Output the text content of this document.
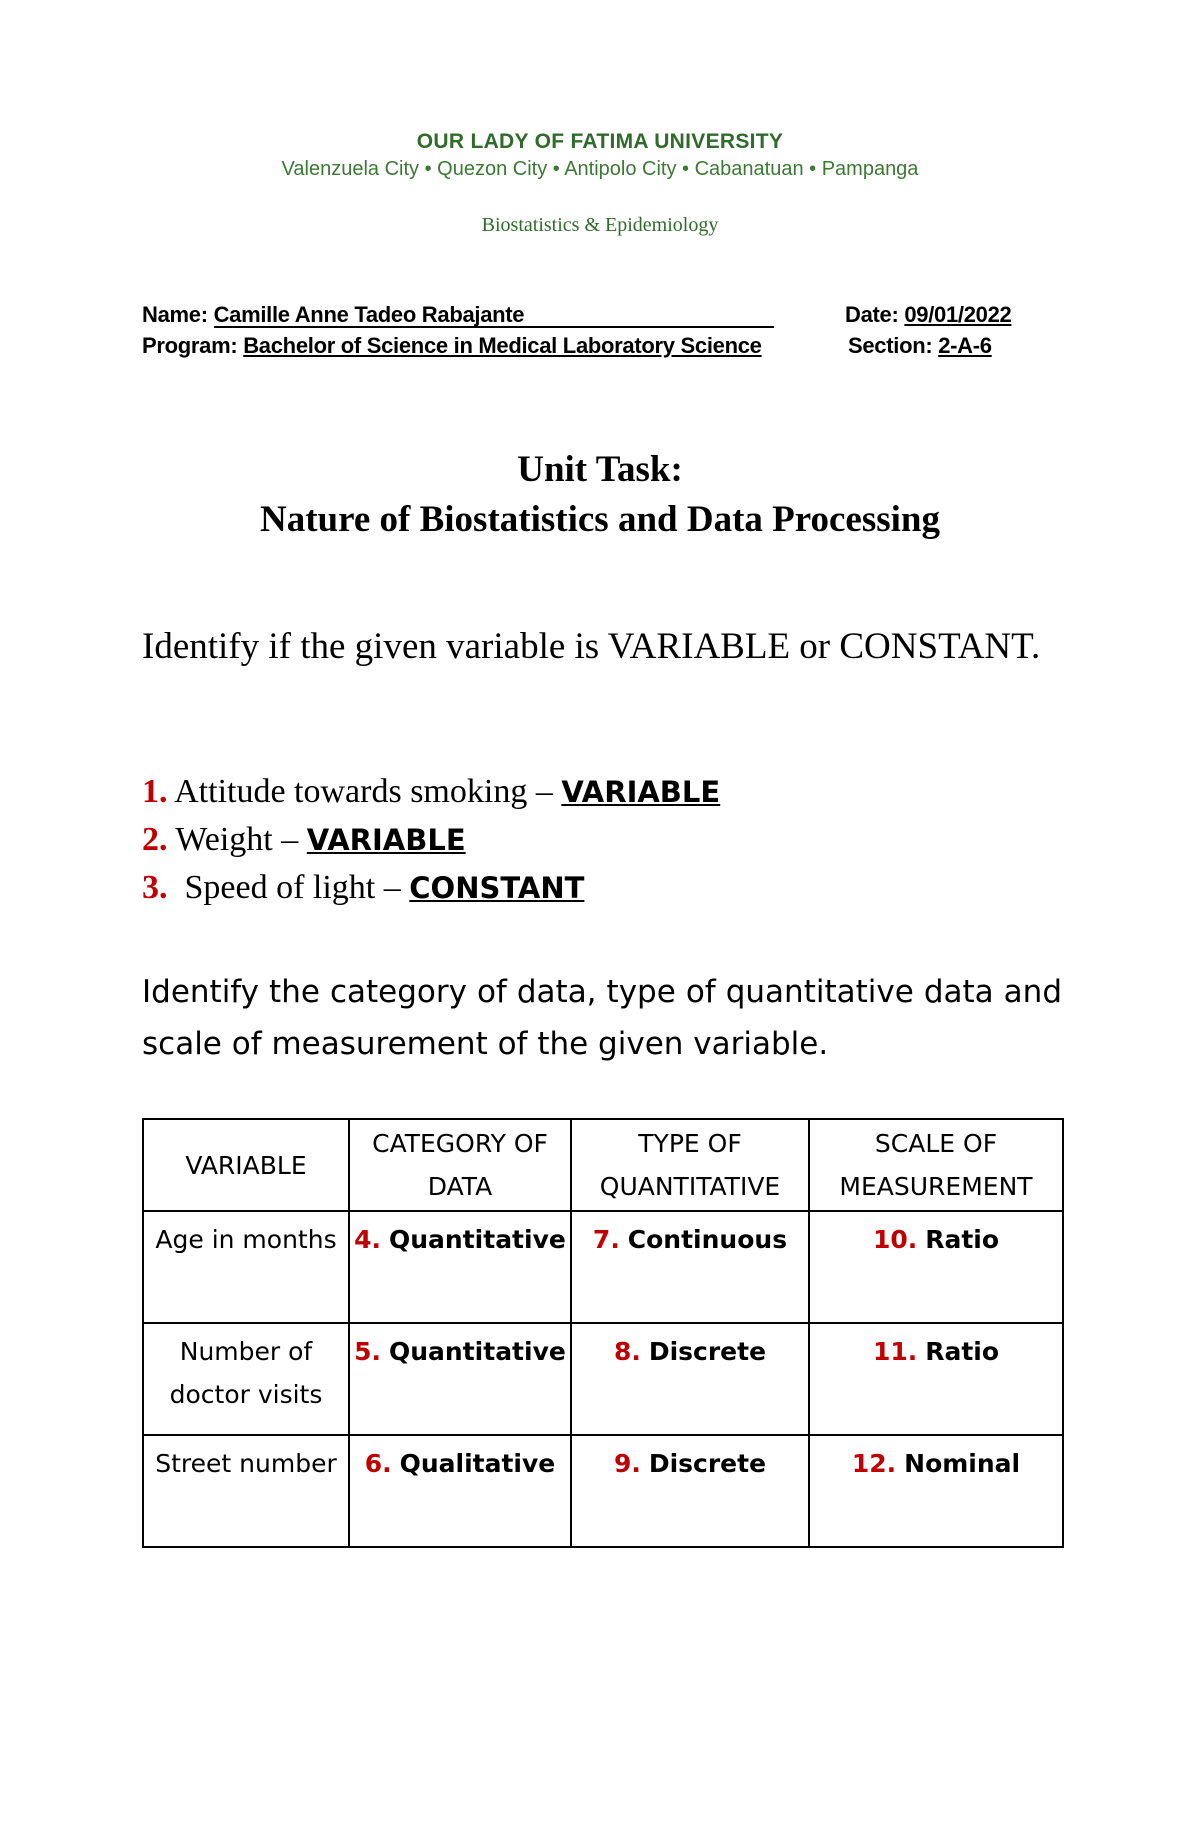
OUR LADY OF FATIMA UNIVERSITY
Valenzuela City • Quezon City • Antipolo City • Cabanatuan • Pampanga
Biostatistics & Epidemiology
Name: Camille Anne Tadeo Rabajante	Date: 09/01/2022
Program: Bachelor of Science in Medical Laboratory Science	Section: 2-A-6
Unit Task:
Nature of Biostatistics and Data Processing
Identify if the given variable is VARIABLE or CONSTANT.
1. Attitude towards smoking – VARIABLE
2. Weight – VARIABLE
3.  Speed of light – CONSTANT
Identify the category of data, type of quantitative data and scale of measurement of the given variable.
VARIABLE	CATEGORY OF DATA	TYPE OF QUANTITATIVE	SCALE OF MEASUREMENT
Age in months	4. Quantitative	7. Continuous	10. Ratio
Number of doctor visits	5. Quantitative	8. Discrete	11. Ratio
Street number	6. Qualitative	9. Discrete	12. Nominal
